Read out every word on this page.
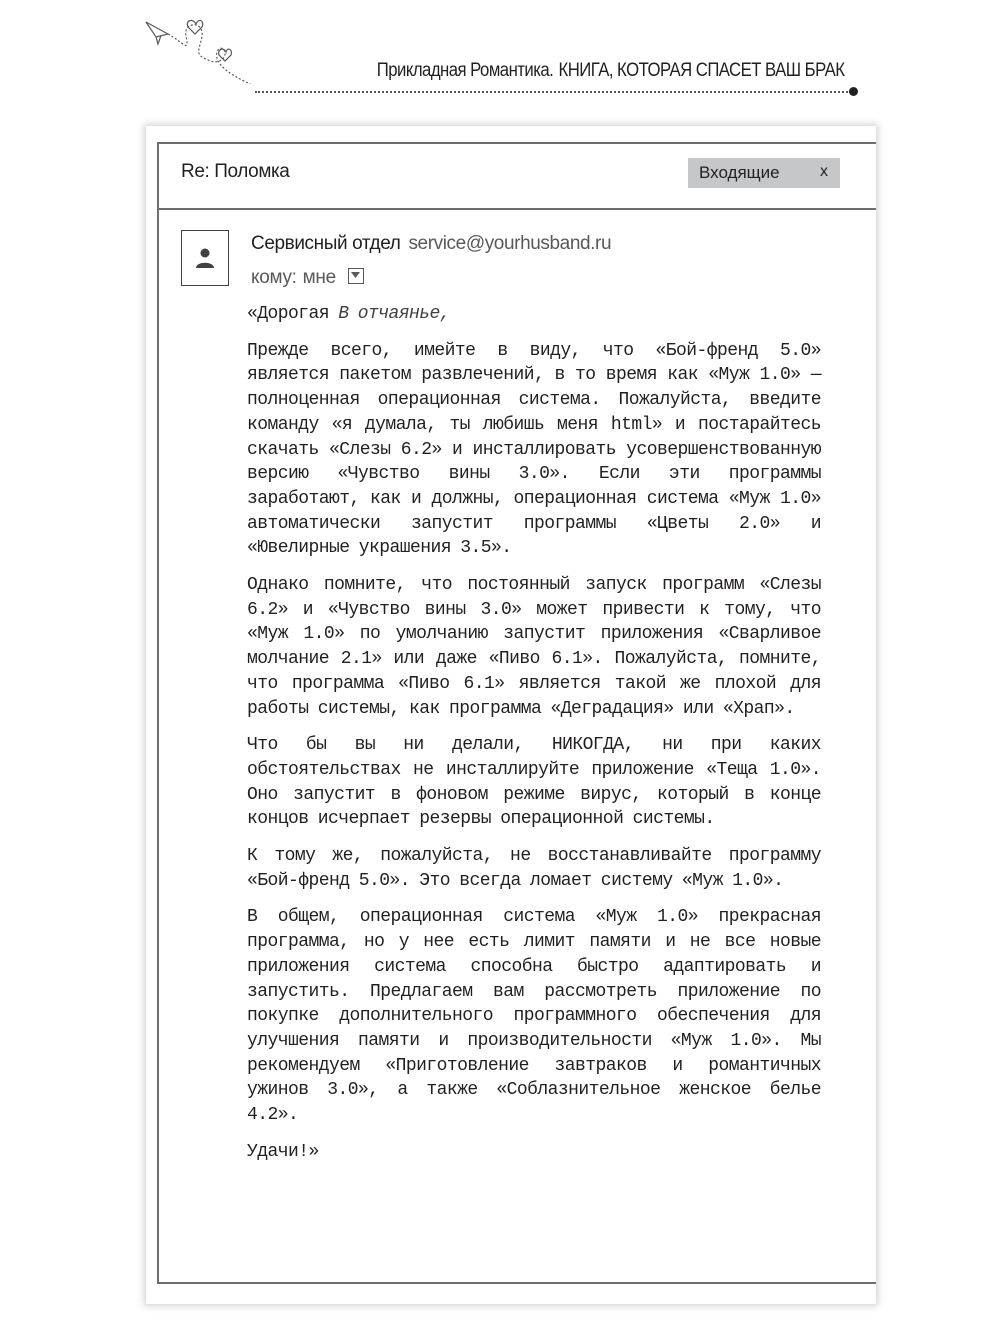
Прикладная Романтика. КНИГА, КОТОРАЯ СПАСЕТ ВАШ БРАК
Re: Поломка	Входящие	x
Сервисный отдел service@yourhusband.ru
кому: мне

«Дорогая В отчаянье,

Прежде всего, имейте в виду, что «Бой-френд 5.0» является пакетом развлечений, в то время как «Муж 1.0» — полноценная операционная система. Пожалуйста, введите команду «я думала, ты любишь меня html» и постарайтесь скачать «Слезы 6.2» и инсталлировать усовершенствованную версию «Чувство вины 3.0». Если эти программы заработают, как и должны, операционная система «Муж 1.0» автоматически запустит программы «Цветы 2.0» и «Ювелирные украшения 3.5».

Однако помните, что постоянный запуск программ «Слезы 6.2» и «Чувство вины 3.0» может привести к тому, что «Муж 1.0» по умолчанию запустит приложения «Сварливое молчание 2.1» или даже «Пиво 6.1». Пожалуйста, помните, что программа «Пиво 6.1» является такой же плохой для работы системы, как программа «Деградация» или «Храп».

Что бы вы ни делали, НИКОГДА, ни при каких обстоятельствах не инсталлируйте приложение «Теща 1.0». Оно запустит в фоновом режиме вирус, который в конце концов исчерпает резервы операционной системы.

К тому же, пожалуйста, не восстанавливайте программу «Бой-френд 5.0». Это всегда ломает систему «Муж 1.0».

В общем, операционная система «Муж 1.0» прекрасная программа, но у нее есть лимит памяти и не все новые приложения система способна быстро адаптировать и запустить. Предлагаем вам рассмотреть приложение по покупке дополнительного программного обеспечения для улучшения памяти и производительности «Муж 1.0». Мы рекомендуем «Приготовление завтраков и романтичных ужинов 3.0», а также «Соблазнительное женское белье 4.2».

Удачи!»
